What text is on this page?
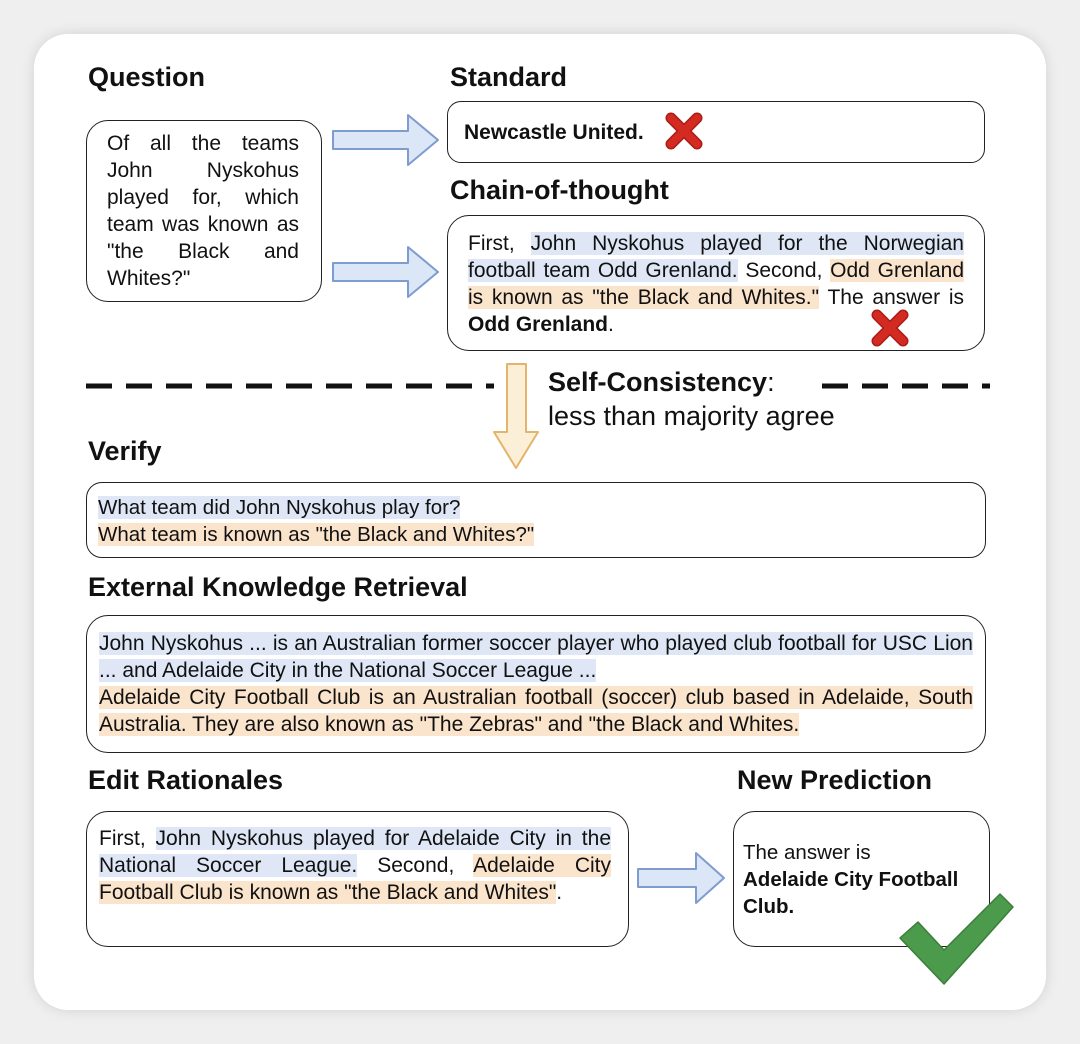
Question	Standard
Chain-of-thought
Verify
External Knowledge Retrieval
Edit Rationales	New Prediction
Of all the teams John Nyskohus played for, which team was known as "the Black and Whites?"
Newcastle United.
First, John Nyskohus played for the Norwegian football team Odd Grenland. Second, Odd Grenland is known as "the Black and Whites." The answer is Odd Grenland.
Self-Consistency:
less than majority agree
What team did John Nyskohus play for?
What team is known as "the Black and Whites?"
John Nyskohus ... is an Australian former soccer player who played club football for USC Lion ... and Adelaide City in the National Soccer League ...
Adelaide City Football Club is an Australian football (soccer) club based in Adelaide, South Australia. They are also known as "The Zebras" and "the Black and Whites.
First, John Nyskohus played for Adelaide City in the National Soccer League. Second, Adelaide City Football Club is known as "the Black and Whites".
The answer is
Adelaide City Football Club.
